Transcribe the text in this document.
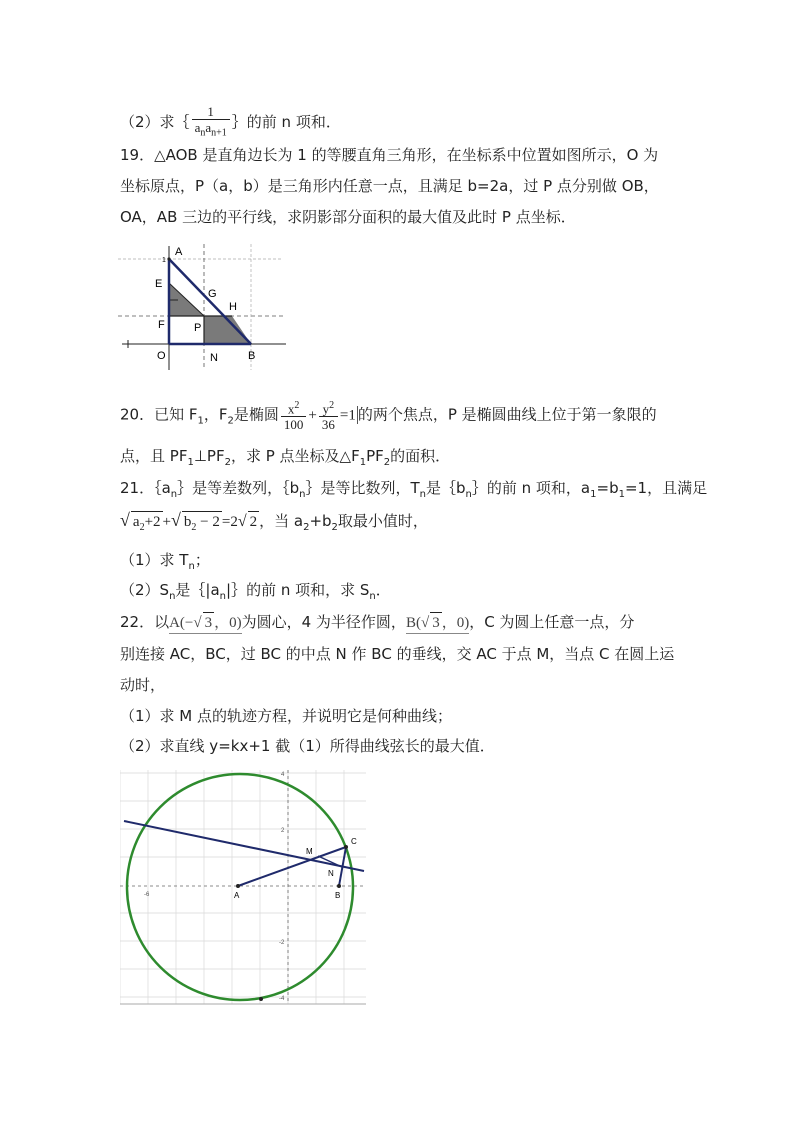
（2）求｛ $\frac{1}{a_na_{n+1}}$ ｝的前 n 项和．
19．△AOB 是直角边长为 1 的等腰直角三角形，在坐标系中位置如图所示，O 为
坐标原点，P（a，b）是三角形内任意一点，且满足 b=2a，过 P 点分别做 OB，
OA，AB 三边的平行线，求阴影部分面积的最大值及此时 P 点坐标．
A
1
E
G
H
F	P
O	N	B
20．已知 $F_1$，$F_2$是椭圆 $\frac{x^2}{100} + \frac{y^2}{36} =1$ 的两个焦点，P 是椭圆曲线上位于第一象限的
点，且 $PF_1\perp PF_2$，求 P 点坐标及$\triangle F_1PF_2$的面积．
21．$\{a_n\}$是等差数列，$\{b_n\}$是等比数列，$T_n$是$\{b_n\}$的前 n 项和，$a_1=b_1=1$，且满足
√ $a_2+2$ +√ $b_2 - 2 =2√$ 2 ，当 $a_2+b_2$取最小值时，
（1）求 $T_n$；
$(2)S_n$是$\{|a_n|\}$的前 n 项和，求 $S_n$．
22．以A(−√ 3 ，0)为圆心，4 为半径作圆，B(√ 3 ，0)，C 为圆上任意一点，分
别连接 AC，BC，过 BC 的中点 N 作 BC 的垂线，交 AC 于点 M，当点 C 在圆上运
动时，
（1）求 M 点的轨迹方程，并说明它是何种曲线；
（2）求直线 y=kx+1 截（1）所得曲线弦长的最大值．
-6
4
2
-2
-4
A	B
C
M
N
